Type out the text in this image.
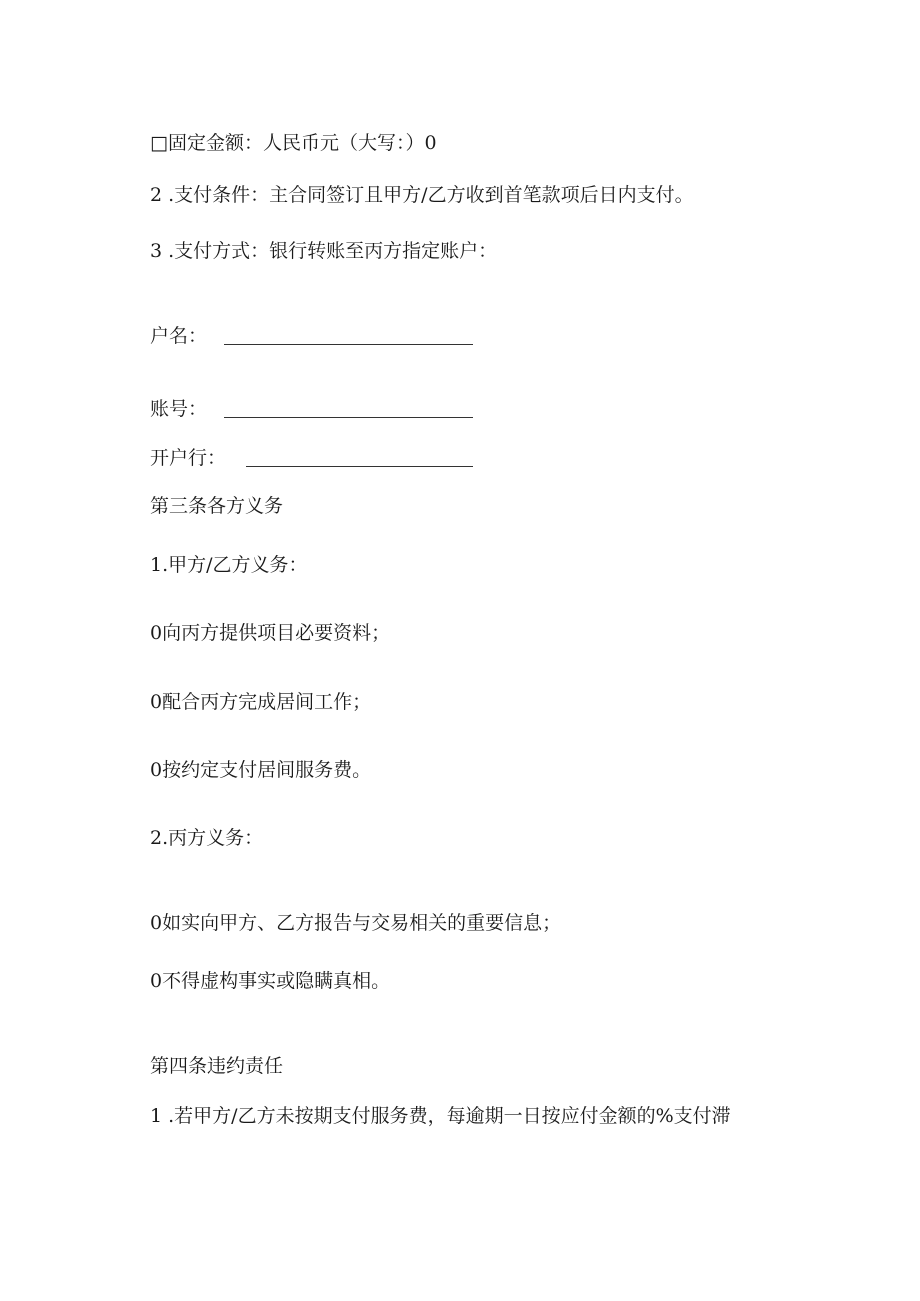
□固定金额：人民币元（大写：）0
2 .支付条件：主合同签订且甲方/乙方收到首笔款项后日内支付。
3 .支付方式：银行转账至丙方指定账户：
户名：
账号：
开户行：
第三条各方义务
1.甲方/乙方义务：
0向丙方提供项目必要资料；
0配合丙方完成居间工作；
0按约定支付居间服务费。
2.丙方义务：
0如实向甲方、乙方报告与交易相关的重要信息；
0不得虚构事实或隐瞒真相。
第四条违约责任
1 .若甲方/乙方未按期支付服务费，每逾期一日按应付金额的%支付滞
